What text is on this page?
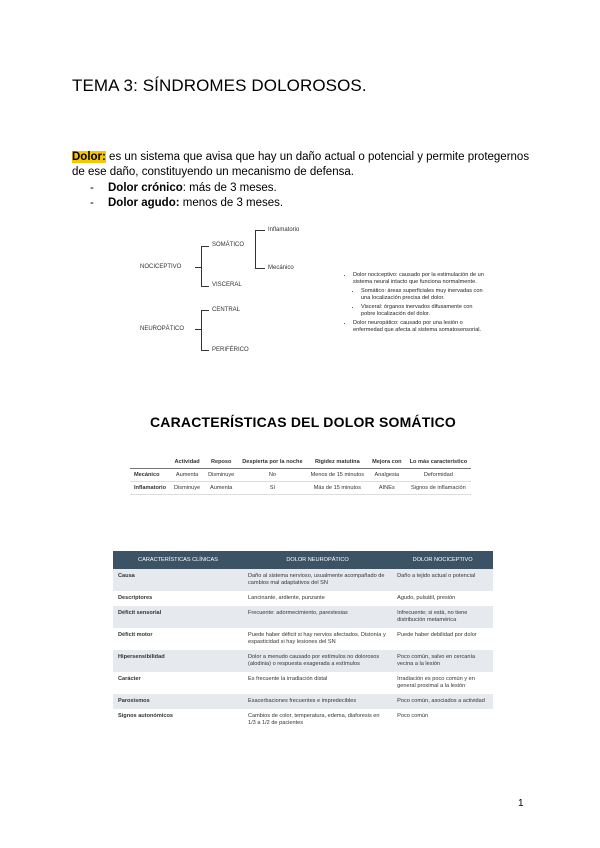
TEMA 3: SÍNDROMES DOLOROSOS.
Dolor: es un sistema que avisa que hay un daño actual o potencial y permite protegernos de ese daño, constituyendo un mecanismo de defensa.
- Dolor crónico: más de 3 meses.
- Dolor agudo: menos de 3 meses.
NOCICEPTIVO
SOMÁTICO
VISCERAL
Inflamatorio
Mecánico
NEUROPÁTICO
CENTRAL
PERIFÉRICO
• Dolor nociceptivo: causado por la estimulación de un sistema neural intacto que funciona normalmente.
• Somático: áreas superficiales muy inervadas con una localización precisa del dolor.
• Visceral: órganos inervados difusamente con pobre localización del dolor.
• Dolor neuropático: causado por una lesión o enfermedad que afecta al sistema somatosensorial.
CARACTERÍSTICAS DEL DOLOR SOMÁTICO
	Actividad	Reposo	Despierta por la noche	Rigidez matutina	Mejora con	Lo más característico
Mecánico	Aumenta	Disminuye	No	Menos de 15 minutos	Analgesia	Deformidad
Inflamatorio	Disminuye	Aumenta	Sí	Más de 15 minutos	AINEs	Signos de inflamación
CARACTERÍSTICAS CLÍNICAS	DOLOR NEUROPÁTICO	DOLOR NOCICEPTIVO
Causa	Daño al sistema nervioso, usualmente acompañado de cambios mal adaptativos del SN	Daño a tejido actual o potencial
Descriptores	Lancinante, ardiente, punzante	Agudo, pulsátil, presión
Déficit sensorial	Frecuente: adormecimiento, parestesias	Infrecuente; si está, no tiene distribución metamérica
Déficit motor	Puede haber déficit si hay nervios afectados. Distonía y espasticidad si hay lesiones del SN	Puede haber debilidad por dolor
Hipersensibilidad	Dolor a menudo causado por estímulos no dolorosos (alodinia) o respuesta exagerada a estímulos	Poco común, salvo en cercanía vecina a la lesión
Carácter	Es frecuente la irradiación distal	Irradiación es poco común y en general proximal a la lesión
Paroxismos	Exacerbaciones frecuentes e impredecibles	Poco común, asociados a actividad
Signos autonómicos	Cambios de color, temperatura, edema, diaforesis en 1/3 a 1/2 de pacientes	Poco común
1
